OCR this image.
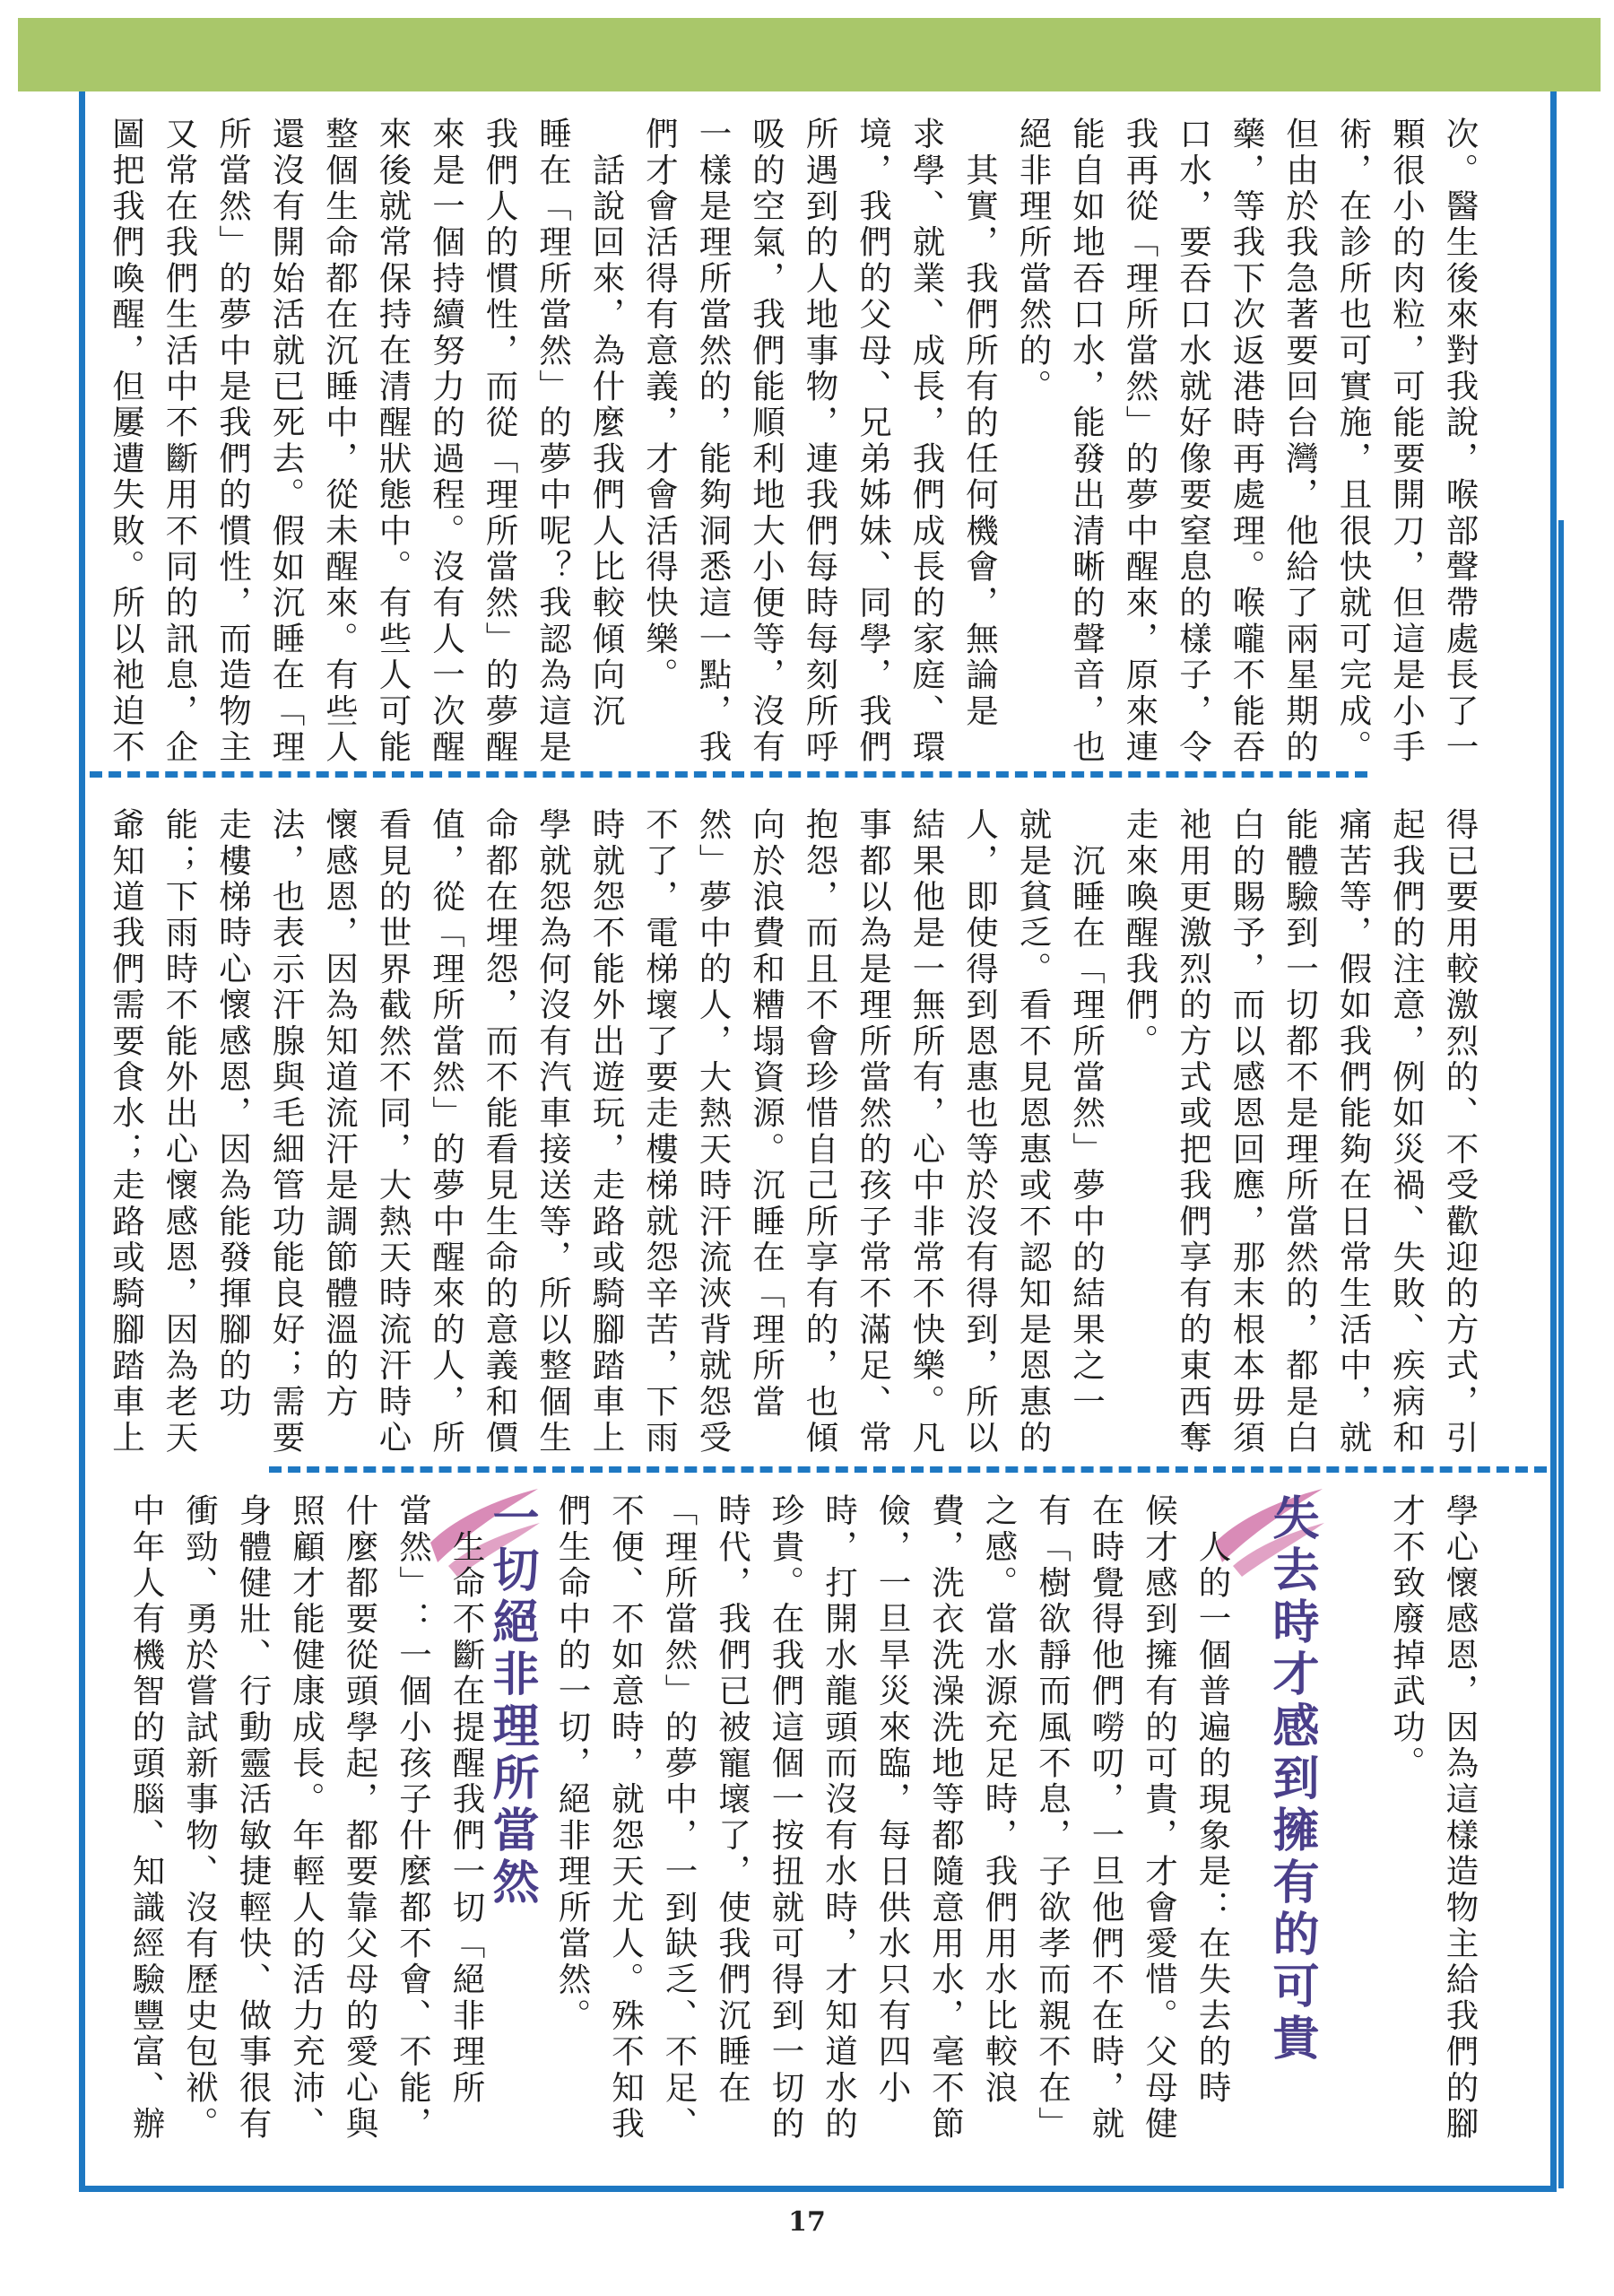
次。醫生後來對我說，喉部聲帶處長了一
顆很小的肉粒，可能要開刀，但這是小手
術，在診所也可實施，且很快就可完成。
但由於我急著要回台灣，他給了兩星期的
藥，等我下次返港時再處理。喉嚨不能吞
口水，要吞口水就好像要窒息的樣子，令
我再從「理所當然」的夢中醒來，原來連
能自如地吞口水，能發出清晰的聲音，也
絕非理所當然的。
　其實，我們所有的任何機會，無論是
求學、就業、成長，我們成長的家庭、環
境，我們的父母、兄弟姊妹、同學，我們
所遇到的人地事物，連我們每時每刻所呼
吸的空氣，我們能順利地大小便等，沒有
一樣是理所當然的，能夠洞悉這一點，我
們才會活得有意義，才會活得快樂。
　話說回來，為什麼我們人比較傾向沉
睡在「理所當然」的夢中呢？我認為這是
我們人的慣性，而從「理所當然」的夢醒
來是一個持續努力的過程。沒有人一次醒
來後就常保持在清醒狀態中。有些人可能
整個生命都在沉睡中，從未醒來。有些人
還沒有開始活就已死去。假如沉睡在「理
所當然」的夢中是我們的慣性，而造物主
又常在我們生活中不斷用不同的訊息，企
圖把我們喚醒，但屢遭失敗。所以祂迫不
得已要用較激烈的、不受歡迎的方式，引
起我們的注意，例如災禍、失敗、疾病和
痛苦等，假如我們能夠在日常生活中，就
能體驗到一切都不是理所當然的，都是白
白的賜予，而以感恩回應，那末根本毋須
祂用更激烈的方式或把我們享有的東西奪
走來喚醒我們。
　沉睡在「理所當然」夢中的結果之一
就是貧乏。看不見恩惠或不認知是恩惠的
人，即使得到恩惠也等於沒有得到，所以
結果他是一無所有，心中非常不快樂。凡
事都以為是理所當然的孩子常不滿足、常
抱怨，而且不會珍惜自己所享有的，也傾
向於浪費和糟塌資源。沉睡在「理所當
然」夢中的人，大熱天時汗流浹背就怨受
不了，電梯壞了要走樓梯就怨辛苦，下雨
時就怨不能外出遊玩，走路或騎腳踏車上
學就怨為何沒有汽車接送等，所以整個生
命都在埋怨，而不能看見生命的意義和價
值，從「理所當然」的夢中醒來的人，所
看見的世界截然不同，大熱天時流汗時心
懷感恩，因為知道流汗是調節體溫的方
法，也表示汗腺與毛細管功能良好；需要
走樓梯時心懷感恩，因為能發揮腳的功
能；下雨時不能外出心懷感恩，因為老天
爺知道我們需要食水；走路或騎腳踏車上
學心懷感恩，因為這樣造物主給我們的腳
才不致廢掉武功。
失去時才感到擁有的可貴
　人的一個普遍的現象是：在失去的時
候才感到擁有的可貴，才會愛惜。父母健
在時覺得他們嘮叨，一旦他們不在時，就
有「樹欲靜而風不息，子欲孝而親不在」
之感。當水源充足時，我們用水比較浪
費，洗衣洗澡洗地等都隨意用水，毫不節
儉，一旦旱災來臨，每日供水只有四小
時，打開水龍頭而沒有水時，才知道水的
珍貴。在我們這個一按扭就可得到一切的
時代，我們已被寵壞了，使我們沉睡在
「理所當然」的夢中，一到缺乏、不足、
不便、不如意時，就怨天尤人。殊不知我
們生命中的一切，絕非理所當然。
一切絕非理所當然
　生命不斷在提醒我們一切「絕非理所
當然」：一個小孩子什麼都不會、不能，
什麼都要從頭學起，都要靠父母的愛心與
照顧才能健康成長。年輕人的活力充沛、
身體健壯、行動靈活敏捷輕快、做事很有
衝勁、勇於嘗試新事物、沒有歷史包袱。
中年人有機智的頭腦、知識經驗豐富、辦
17
